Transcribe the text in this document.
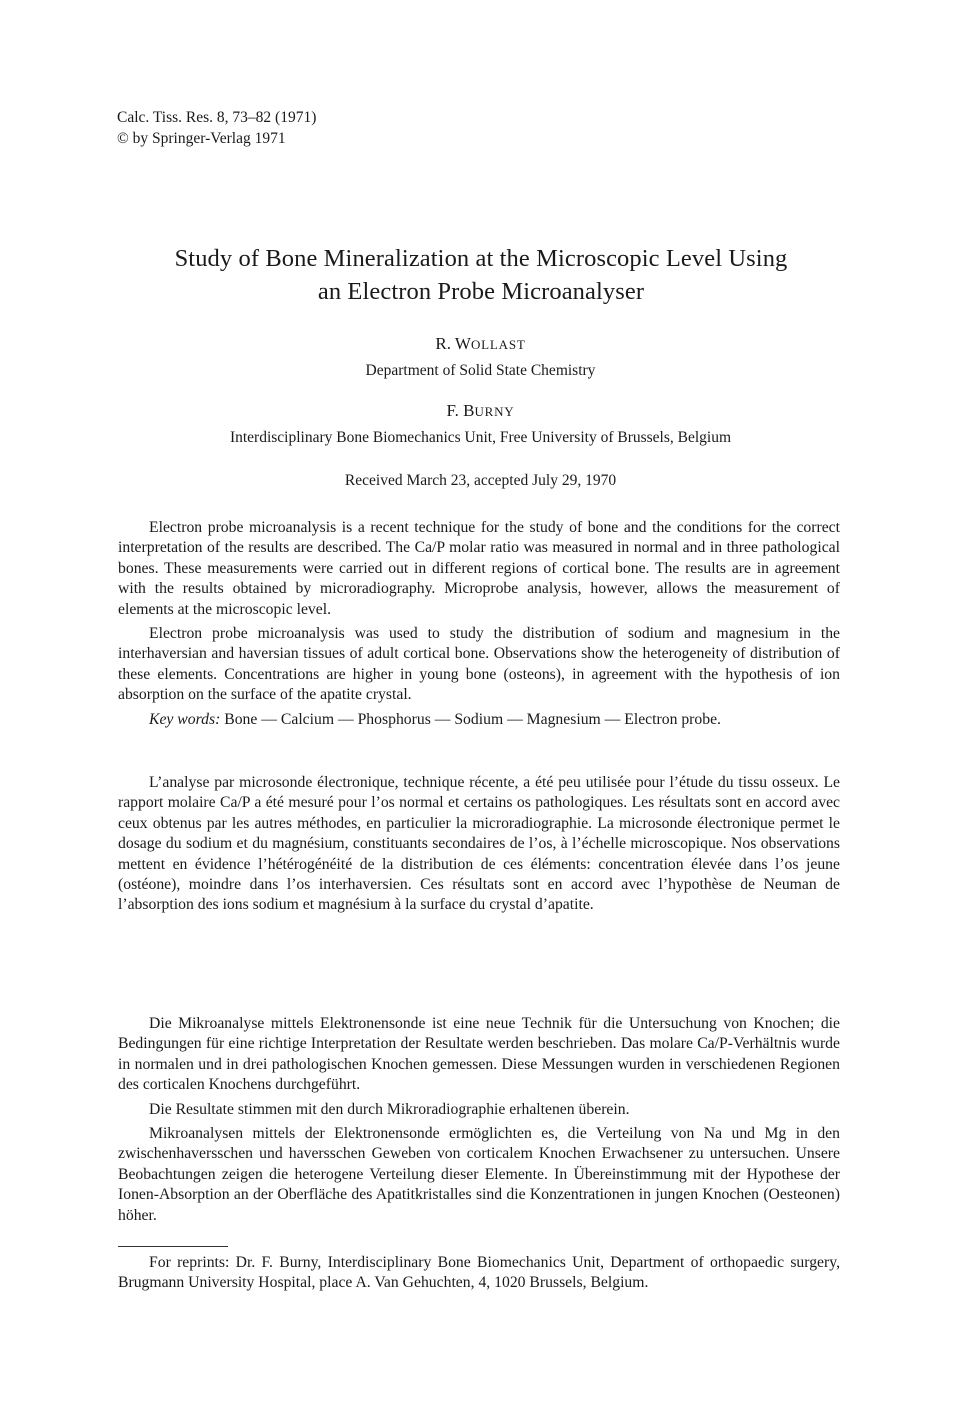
Calc. Tiss. Res. 8, 73–82 (1971)
© by Springer-Verlag 1971
Study of Bone Mineralization at the Microscopic Level Using
an Electron Probe Microanalyser
R. WOLLAST
Department of Solid State Chemistry
F. BURNY
Interdisciplinary Bone Biomechanics Unit, Free University of Brussels, Belgium
Received March 23, accepted July 29, 1970

Electron probe microanalysis is a recent technique for the study of bone and the conditions for the correct interpretation of the results are described. The Ca/P molar ratio was measured in normal and in three pathological bones. These measurements were carried out in different regions of cortical bone. The results are in agreement with the results obtained by microradiography. Microprobe analysis, however, allows the measurement of elements at the microscopic level.

Electron probe microanalysis was used to study the distribution of sodium and magnesium in the interhaversian and haversian tissues of adult cortical bone. Observations show the heterogeneity of distribution of these elements. Concentrations are higher in young bone (osteons), in agreement with the hypothesis of ion absorption on the surface of the apatite crystal.

Key words: Bone — Calcium — Phosphorus — Sodium — Magnesium — Electron probe.

L’analyse par microsonde électronique, technique récente, a été peu utilisée pour l’étude du tissu osseux. Le rapport molaire Ca/P a été mesuré pour l’os normal et certains os pathologiques. Les résultats sont en accord avec ceux obtenus par les autres méthodes, en particulier la microradiographie. La microsonde électronique permet le dosage du sodium et du magnésium, constituants secondaires de l’os, à l’échelle microscopique. Nos observations mettent en évidence l’hétérogénéité de la distribution de ces éléments: concentration élevée dans l’os jeune (ostéone), moindre dans l’os interhaversien. Ces résultats sont en accord avec l’hypothèse de Neuman de l’absorption des ions sodium et magnésium à la surface du crystal d’apatite.

Die Mikroanalyse mittels Elektronensonde ist eine neue Technik für die Untersuchung von Knochen; die Bedingungen für eine richtige Interpretation der Resultate werden beschrieben. Das molare Ca/P-Verhältnis wurde in normalen und in drei pathologischen Knochen gemessen. Diese Messungen wurden in verschiedenen Regionen des corticalen Knochens durchgeführt.

Die Resultate stimmen mit den durch Mikroradiographie erhaltenen überein.

Mikroanalysen mittels der Elektronensonde ermöglichten es, die Verteilung von Na und Mg in den zwischenhaversschen und haversschen Geweben von corticalem Knochen Erwachsener zu untersuchen. Unsere Beobachtungen zeigen die heterogene Verteilung dieser Elemente. In Übereinstimmung mit der Hypothese der Ionen-Absorption an der Oberfläche des Apatitkristalles sind die Konzentrationen in jungen Knochen (Oesteonen) höher.

For reprints: Dr. F. Burny, Interdisciplinary Bone Biomechanics Unit, Department of orthopaedic surgery, Brugmann University Hospital, place A. Van Gehuchten, 4, 1020 Brussels, Belgium.
